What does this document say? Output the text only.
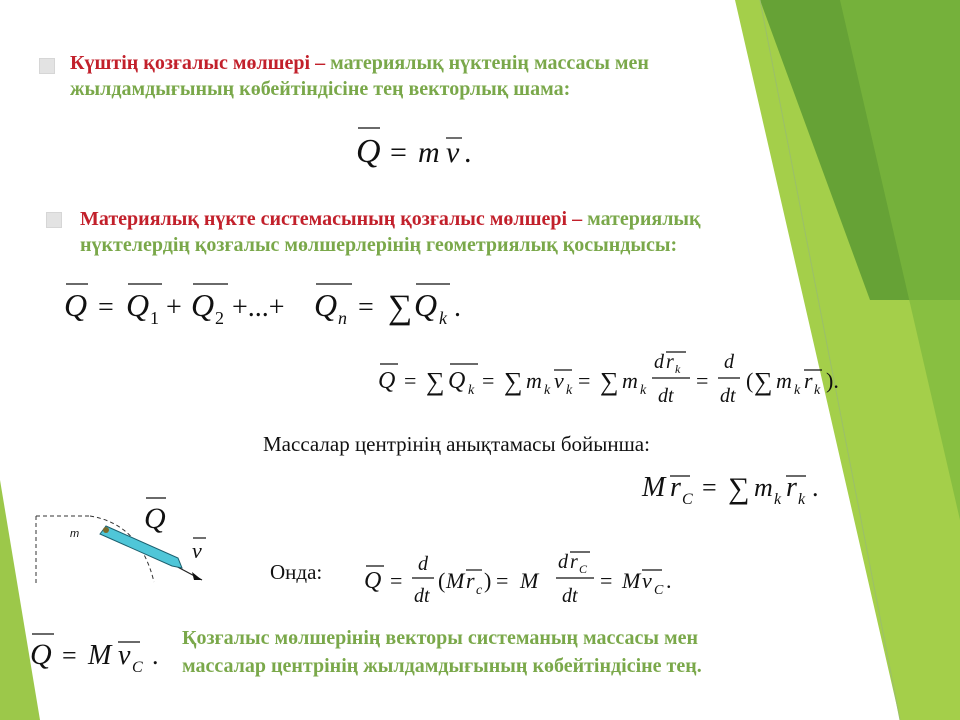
Күштің қозғалыс мөлшері – материялық нүктенің массасы мен
жылдамдығының көбейтіндісіне тең векторлық шама:
Q = m v .
Материялық нүкте системасының қозғалыс мөлшері – материялық
нүктелердің қозғалыс мөлшерлерінің геометриялық қосындысы:
Q = Q 1 + Q 2 +...+ Q n = ∑ Q k .
Q = ∑ Q k = ∑ m k v k = ∑ m k
d r k
dt
=
d
dt
( ∑ m k r k ).
Массалар центрінің анықтамасы бойынша:
M r C = ∑ m k r k .
m Q
v
Онда: Q =
d
dt
( M r c ) = M
d r C
dt
= M v C .
Q = M v C .
Қозғалыс мөлшерінің векторы системаның массасы мен
массалар центрінің жылдамдығының көбейтіндісіне тең.
